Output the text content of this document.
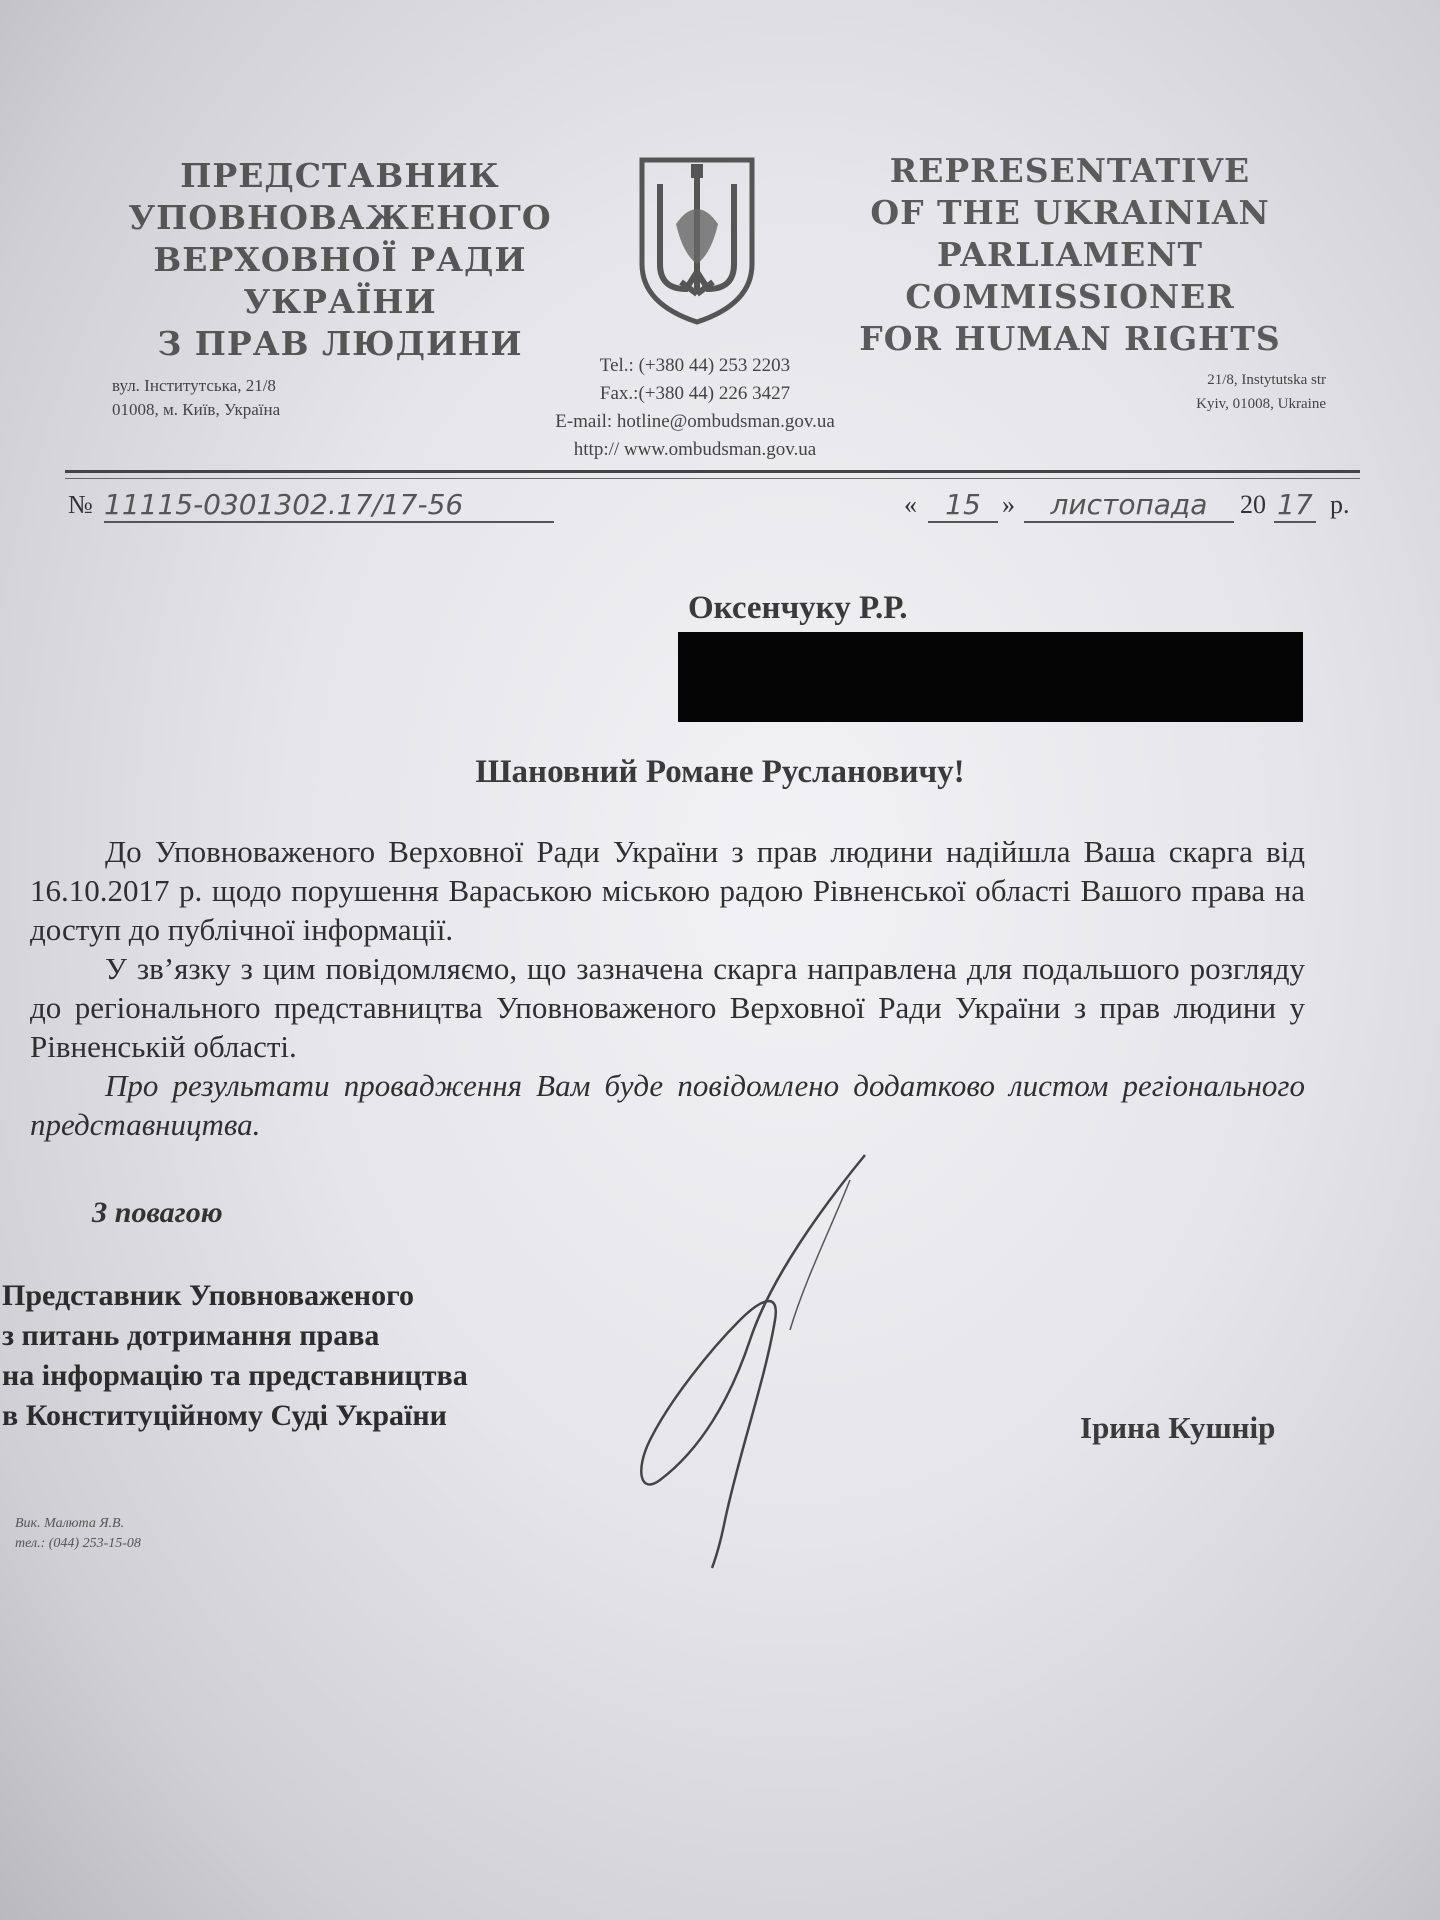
ПРЕДСТАВНИК
УПОВНОВАЖЕНОГО
ВЕРХОВНОЇ РАДИ УКРАЇНИ
З ПРАВ ЛЮДИНИ
REPRESENTATIVE
OF THE UKRAINIAN
PARLIAMENT COMMISSIONER
FOR HUMAN RIGHTS
вул. Інститутська, 21/8
01008, м. Київ, Україна
Tel.: (+380 44) 253 2203
Fax.:(+380 44) 226 3427
E-mail: hotline@ombudsman.gov.ua
http:// www.ombudsman.gov.ua
21/8, Instytutska str
Kyiv, 01008, Ukraine
№ 11115-0301302.17/17-56	«	15 »	листопада	20 17 р.
Оксенчуку Р.Р.
Шановний Романе Руслановичу!

До Уповноваженого Верховної Ради України з прав людини надійшла Ваша скарга від 16.10.2017 р. щодо порушення Вараською міською радою Рівненської області Вашого права на доступ до публічної інформації.

У зв’язку з цим повідомляємо, що зазначена скарга направлена для подальшого розгляду до регіонального представництва Уповноваженого Верховної Ради України з прав людини у Рівненській області.

Про результати провадження Вам буде повідомлено додатково листом регіонального представництва.

З повагою
Представник Уповноваженого
з питань дотримання права
на інформацію та представництва
в Конституційному Суді України	Ірина Кушнір
Вик. Малюта Я.В.
тел.: (044) 253-15-08
